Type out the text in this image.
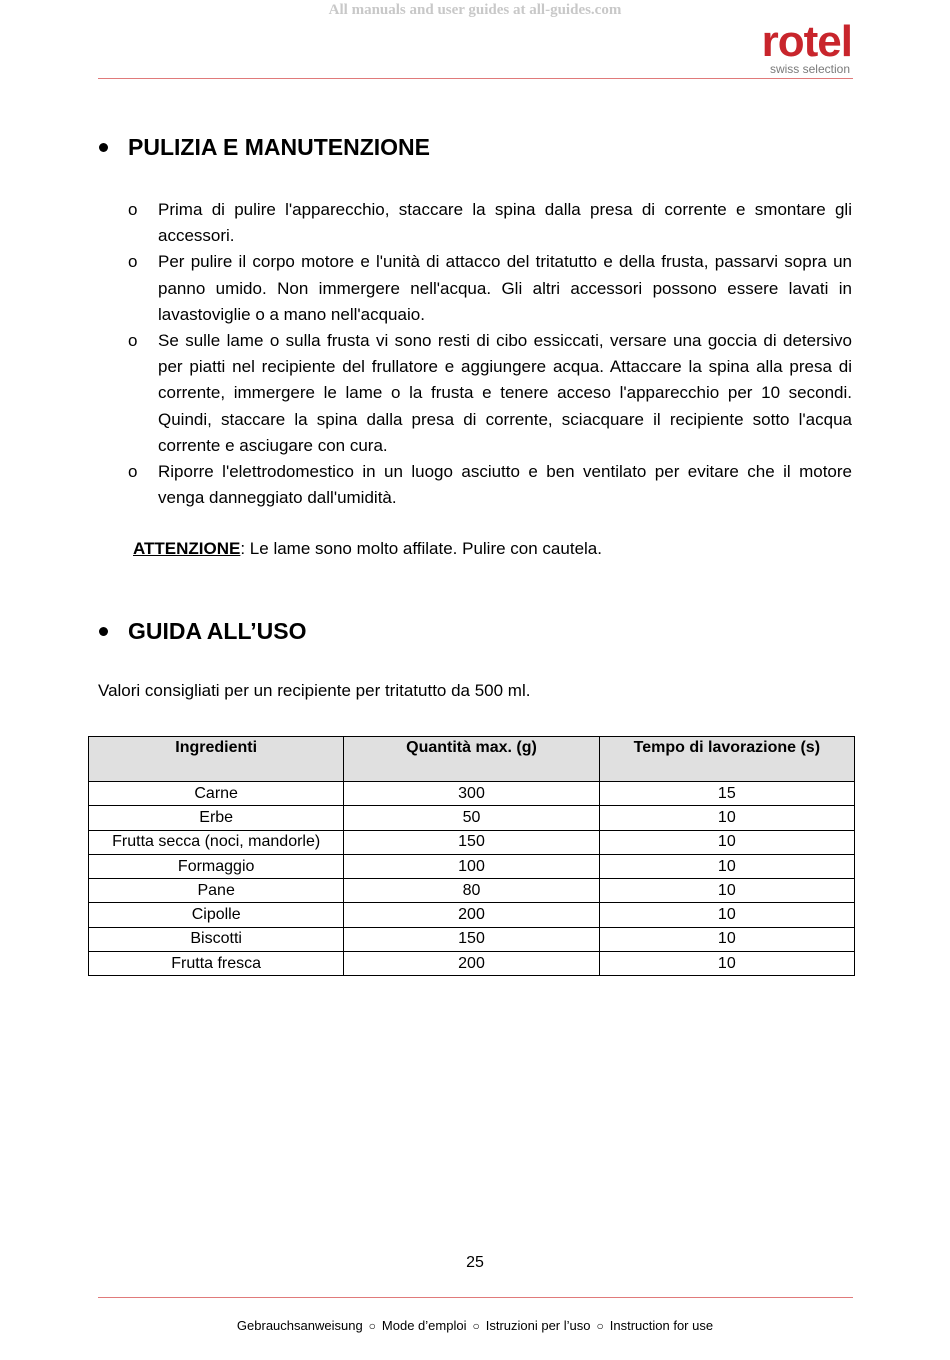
All manuals and user guides at all-guides.com
rotel
swiss selection
PULIZIA E MANUTENZIONE
o Prima di pulire l'apparecchio, staccare la spina dalla presa di corrente e smontare gli accessori.
o Per pulire il corpo motore e l'unità di attacco del tritatutto e della frusta, passarvi sopra un panno umido. Non immergere nell'acqua. Gli altri accessori possono essere lavati in lavastoviglie o a mano nell'acquaio.
o Se sulle lame o sulla frusta vi sono resti di cibo essiccati, versare una goccia di detersivo per piatti nel recipiente del frullatore e aggiungere acqua. Attaccare la spina alla presa di corrente, immergere le lame o la frusta e tenere acceso l'apparecchio per 10 secondi. Quindi, staccare la spina dalla presa di corrente, sciacquare il recipiente sotto l'acqua corrente e asciugare con cura.
o Riporre l'elettrodomestico in un luogo asciutto e ben ventilato per evitare che il motore venga danneggiato dall'umidità.
ATTENZIONE: Le lame sono molto affilate. Pulire con cautela.
GUIDA ALL’USO
Valori consigliati per un recipiente per tritatutto da 500 ml.
Ingredienti	Quantità max. (g)	Tempo di lavorazione (s)
Carne	300	15
Erbe	50	10
Frutta secca (noci, mandorle)	150	10
Formaggio	100	10
Pane	80	10
Cipolle	200	10
Biscotti	150	10
Frutta fresca	200	10
25
Gebrauchsanweisung ○ Mode d’emploi ○ Istruzioni per l’uso ○ Instruction for use
